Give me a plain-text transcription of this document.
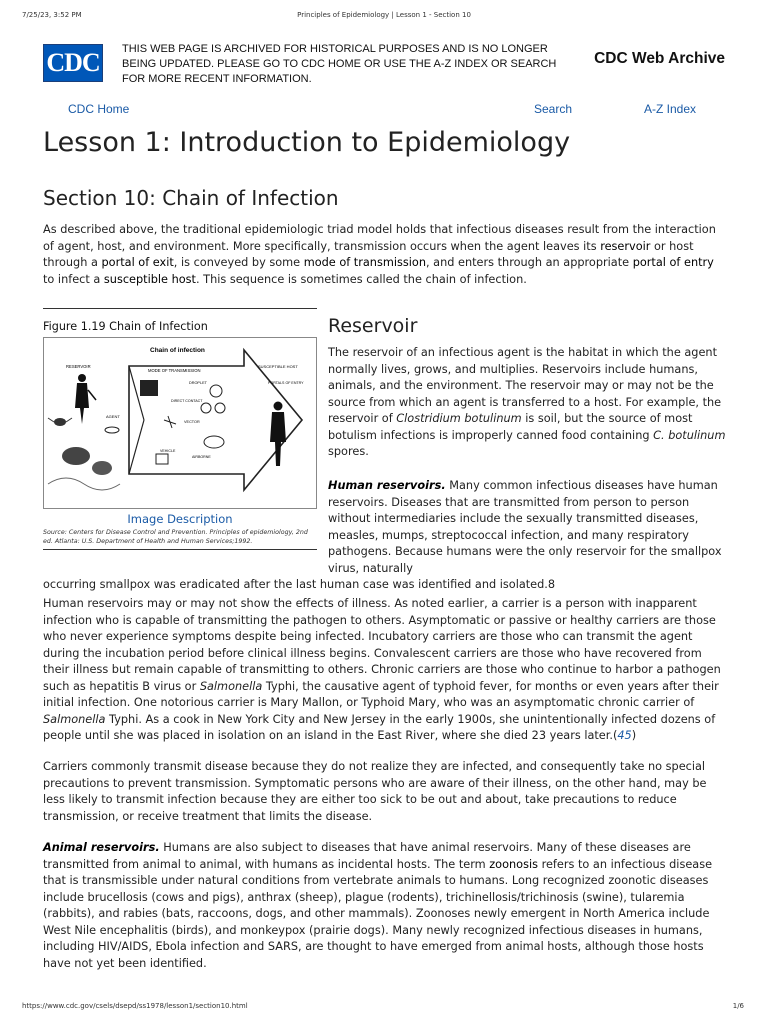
7/25/23, 3:52 PM	Principles of Epidemiology | Lesson 1 - Section 10
CDC	THIS WEB PAGE IS ARCHIVED FOR HISTORICAL PURPOSES AND IS NO LONGER BEING UPDATED. PLEASE GO TO CDC HOME OR USE THE A-Z INDEX OR SEARCH FOR MORE RECENT INFORMATION.
CDC Web Archive
CDC Home	Search	A-Z Index
Lesson 1: Introduction to Epidemiology
Section 10: Chain of Infection

As described above, the traditional epidemiologic triad model holds that infectious diseases result from the interaction of agent, host, and environment. More specifically, transmission occurs when the agent leaves its reservoir or host through a portal of exit, is conveyed by some mode of transmission, and enters through an appropriate portal of entry to infect a susceptible host. This sequence is sometimes called the chain of infection.

Figure 1.19 Chain of Infection
Chain of infection
MODE OF TRANSMISSION
RESERVOIR
AGENT
DROPLET
DIRECT CONTACT
VECTOR
VEHICLE
AIRBORNE
SUSCEPTIBLE HOST
PORTALS OF ENTRY
Image Description
Source: Centers for Disease Control and Prevention. Principles of epidemiology, 2nd ed. Atlanta: U.S. Department of Health and Human Services;1992.
Reservoir

The reservoir of an infectious agent is the habitat in which the agent normally lives, grows, and multiplies. Reservoirs include humans, animals, and the environment. The reservoir may or may not be the source from which an agent is transferred to a host. For example, the reservoir of Clostridium botulinum is soil, but the source of most botulism infections is improperly canned food containing C. botulinum spores.

Human reservoirs. Many common infectious diseases have human reservoirs. Diseases that are transmitted from person to person without intermediaries include the sexually transmitted diseases, measles, mumps, streptococcal infection, and many respiratory pathogens. Because humans were the only reservoir for the smallpox virus, naturally

occurring smallpox was eradicated after the last human case was identified and isolated.8

Human reservoirs may or may not show the effects of illness. As noted earlier, a carrier is a person with inapparent infection who is capable of transmitting the pathogen to others. Asymptomatic or passive or healthy carriers are those who never experience symptoms despite being infected. Incubatory carriers are those who can transmit the agent during the incubation period before clinical illness begins. Convalescent carriers are those who have recovered from their illness but remain capable of transmitting to others. Chronic carriers are those who continue to harbor a pathogen such as hepatitis B virus or Salmonella Typhi, the causative agent of typhoid fever, for months or even years after their initial infection. One notorious carrier is Mary Mallon, or Typhoid Mary, who was an asymptomatic chronic carrier of Salmonella Typhi. As a cook in New York City and New Jersey in the early 1900s, she unintentionally infected dozens of people until she was placed in isolation on an island in the East River, where she died 23 years later.(45)

Carriers commonly transmit disease because they do not realize they are infected, and consequently take no special precautions to prevent transmission. Symptomatic persons who are aware of their illness, on the other hand, may be less likely to transmit infection because they are either too sick to be out and about, take precautions to reduce transmission, or receive treatment that limits the disease.

Animal reservoirs. Humans are also subject to diseases that have animal reservoirs. Many of these diseases are transmitted from animal to animal, with humans as incidental hosts. The term zoonosis refers to an infectious disease that is transmissible under natural conditions from vertebrate animals to humans. Long recognized zoonotic diseases include brucellosis (cows and pigs), anthrax (sheep), plague (rodents), trichinellosis/trichinosis (swine), tularemia (rabbits), and rabies (bats, raccoons, dogs, and other mammals). Zoonoses newly emergent in North America include West Nile encephalitis (birds), and monkeypox (prairie dogs). Many newly recognized infectious diseases in humans, including HIV/AIDS, Ebola infection and SARS, are thought to have emerged from animal hosts, although those hosts have not yet been identified.

https://www.cdc.gov/csels/dsepd/ss1978/lesson1/section10.html	1/6
